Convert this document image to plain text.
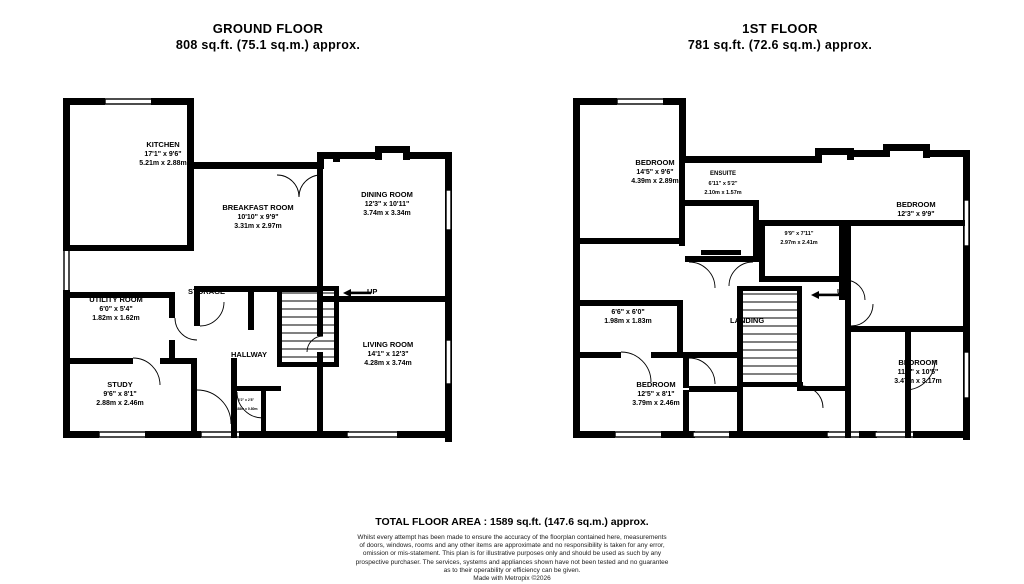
GROUND FLOOR
808 sq.ft. (75.1 sq.m.) approx.
1ST FLOOR
781 sq.ft. (72.6 sq.m.) approx.
KITCHEN
17'1" x 9'6"
5.21m x 2.88m
BREAKFAST ROOM
10'10" x 9'9"
3.31m x 2.97m
DINING ROOM
12'3" x 10'11"
3.74m x 3.34m
UTILITY ROOM
6'0" x 5'4"
1.82m x 1.62m
LIVING ROOM
14'1" x 12'3"
4.28m x 3.74m
STUDY
9'6" x 8'1"
2.88m x 2.46m
WC
6'2" x 2'8"
1.88m x 0.80m
STORAGE
HALLWAY
UP
BEDROOM
14'5" x 9'6"
4.39m x 2.89m
ENSUITE
6'11" x 5'2"
2.10m x 1.57m
ENSUITE
9'9" x 7'11"
2.97m x 2.41m
BEDROOM
12'3" x 9'9"
3.74m x 2.97m
BATHROOM
6'6" x 6'0"
1.98m x 1.83m
BEDROOM
11'5" x 10'5"
3.47m x 3.17m
BEDROOM
12'5" x 8'1"
3.79m x 2.46m
STORAGE
LANDING
UP
TOTAL FLOOR AREA : 1589 sq.ft. (147.6 sq.m.) approx.
Whilst every attempt has been made to ensure the accuracy of the floorplan contained here, measurements
of doors, windows, rooms and any other items are approximate and no responsibility is taken for any error,
omission or mis-statement. This plan is for illustrative purposes only and should be used as such by any
prospective purchaser. The services, systems and appliances shown have not been tested and no guarantee
as to their operability or efficiency can be given.
Made with Metropix ©2026
